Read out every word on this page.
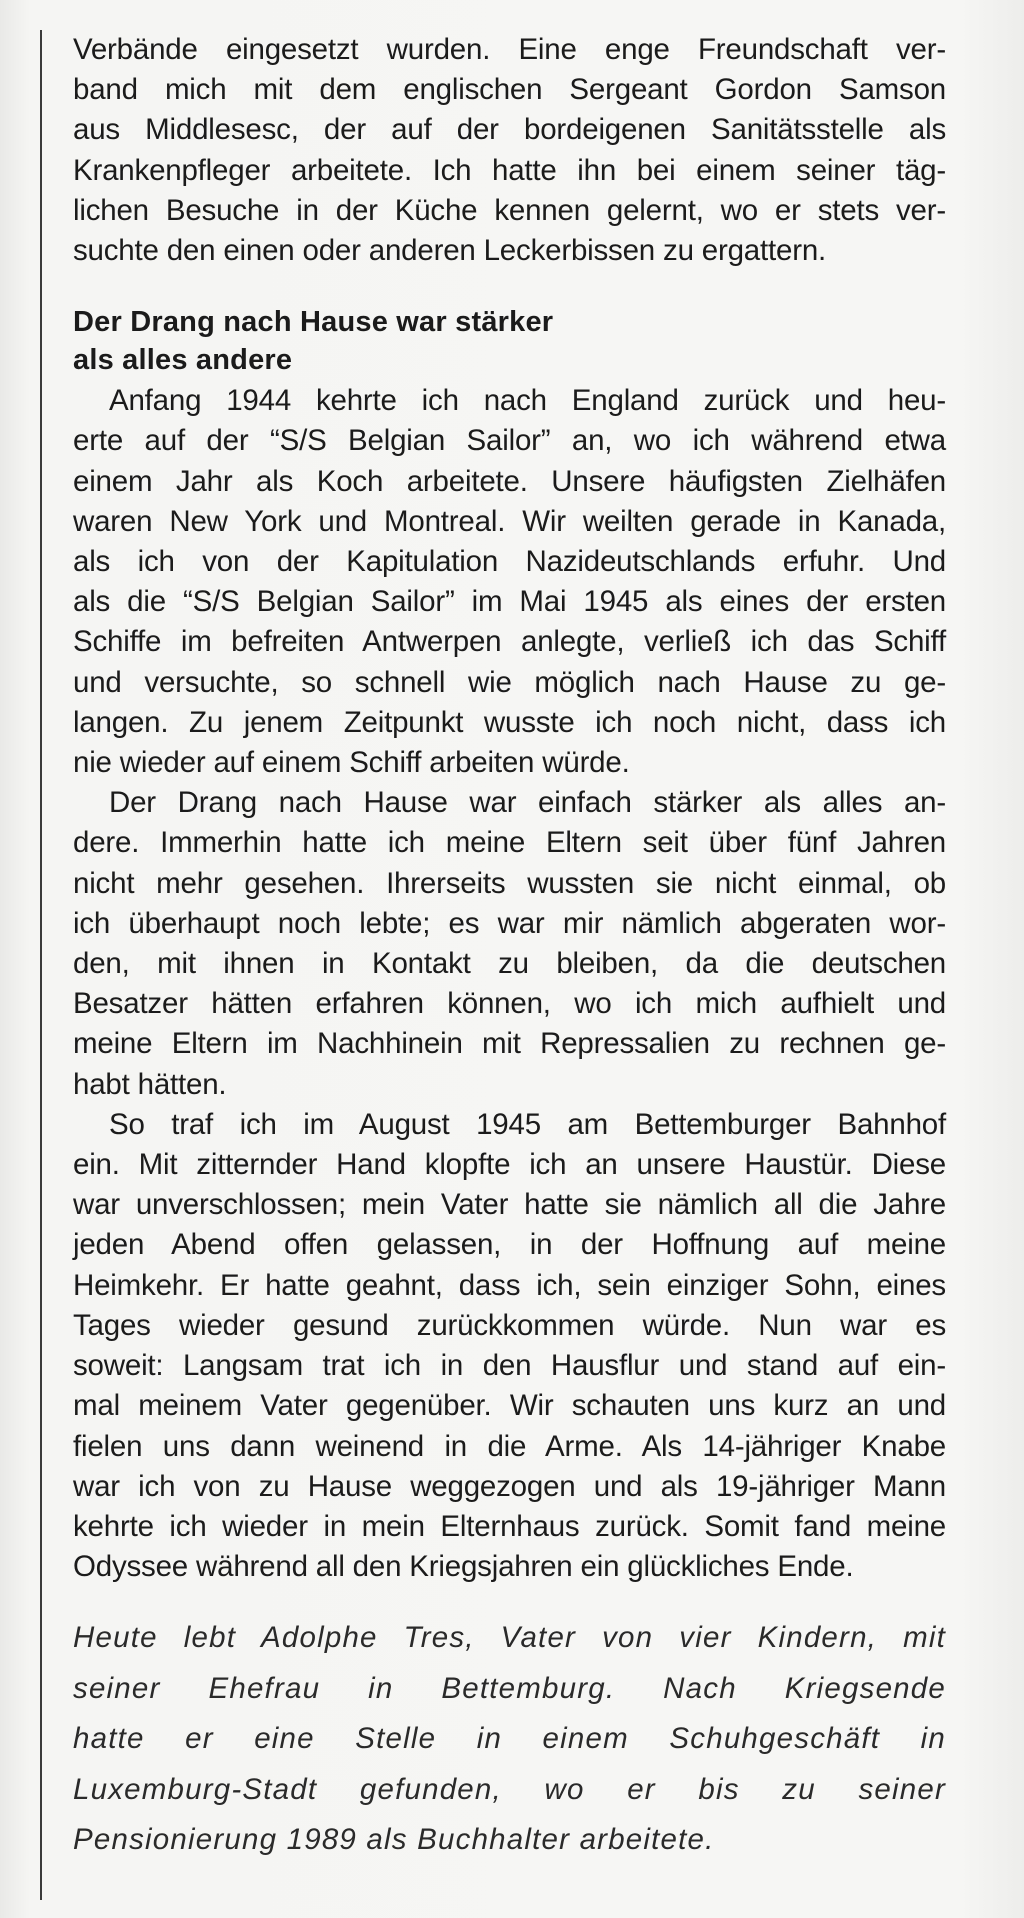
Verbände eingesetzt wurden. Eine enge Freundschaft ver-
band mich mit dem englischen Sergeant Gordon Samson
aus Middlesesc, der auf der bordeigenen Sanitätsstelle als
Krankenpfleger arbeitete. Ich hatte ihn bei einem seiner täg-
lichen Besuche in der Küche kennen gelernt, wo er stets ver-
suchte den einen oder anderen Leckerbissen zu ergattern.

Der Drang nach Hause war stärker
als alles andere

Anfang 1944 kehrte ich nach England zurück und heu-
erte auf der “S/S Belgian Sailor” an, wo ich während etwa
einem Jahr als Koch arbeitete. Unsere häufigsten Zielhäfen
waren New York und Montreal. Wir weilten gerade in Kanada,
als ich von der Kapitulation Nazideutschlands erfuhr. Und
als die “S/S Belgian Sailor” im Mai 1945 als eines der ersten
Schiffe im befreiten Antwerpen anlegte, verließ ich das Schiff
und versuchte, so schnell wie möglich nach Hause zu ge-
langen. Zu jenem Zeitpunkt wusste ich noch nicht, dass ich
nie wieder auf einem Schiff arbeiten würde.

Der Drang nach Hause war einfach stärker als alles an-
dere. Immerhin hatte ich meine Eltern seit über fünf Jahren
nicht mehr gesehen. Ihrerseits wussten sie nicht einmal, ob
ich überhaupt noch lebte; es war mir nämlich abgeraten wor-
den, mit ihnen in Kontakt zu bleiben, da die deutschen
Besatzer hätten erfahren können, wo ich mich aufhielt und
meine Eltern im Nachhinein mit Repressalien zu rechnen ge-
habt hätten.

So traf ich im August 1945 am Bettemburger Bahnhof
ein. Mit zitternder Hand klopfte ich an unsere Haustür. Diese
war unverschlossen; mein Vater hatte sie nämlich all die Jahre
jeden Abend offen gelassen, in der Hoffnung auf meine
Heimkehr. Er hatte geahnt, dass ich, sein einziger Sohn, eines
Tages wieder gesund zurückkommen würde. Nun war es
soweit: Langsam trat ich in den Hausflur und stand auf ein-
mal meinem Vater gegenüber. Wir schauten uns kurz an und
fielen uns dann weinend in die Arme. Als 14-jähriger Knabe
war ich von zu Hause weggezogen und als 19-jähriger Mann
kehrte ich wieder in mein Elternhaus zurück. Somit fand meine
Odyssee während all den Kriegsjahren ein glückliches Ende.

Heute lebt Adolphe Tres, Vater von vier Kindern, mit
seiner Ehefrau in Bettemburg. Nach Kriegsende
hatte er eine Stelle in einem Schuhgeschäft in
Luxemburg-Stadt gefunden, wo er bis zu seiner
Pensionierung 1989 als Buchhalter arbeitete.
